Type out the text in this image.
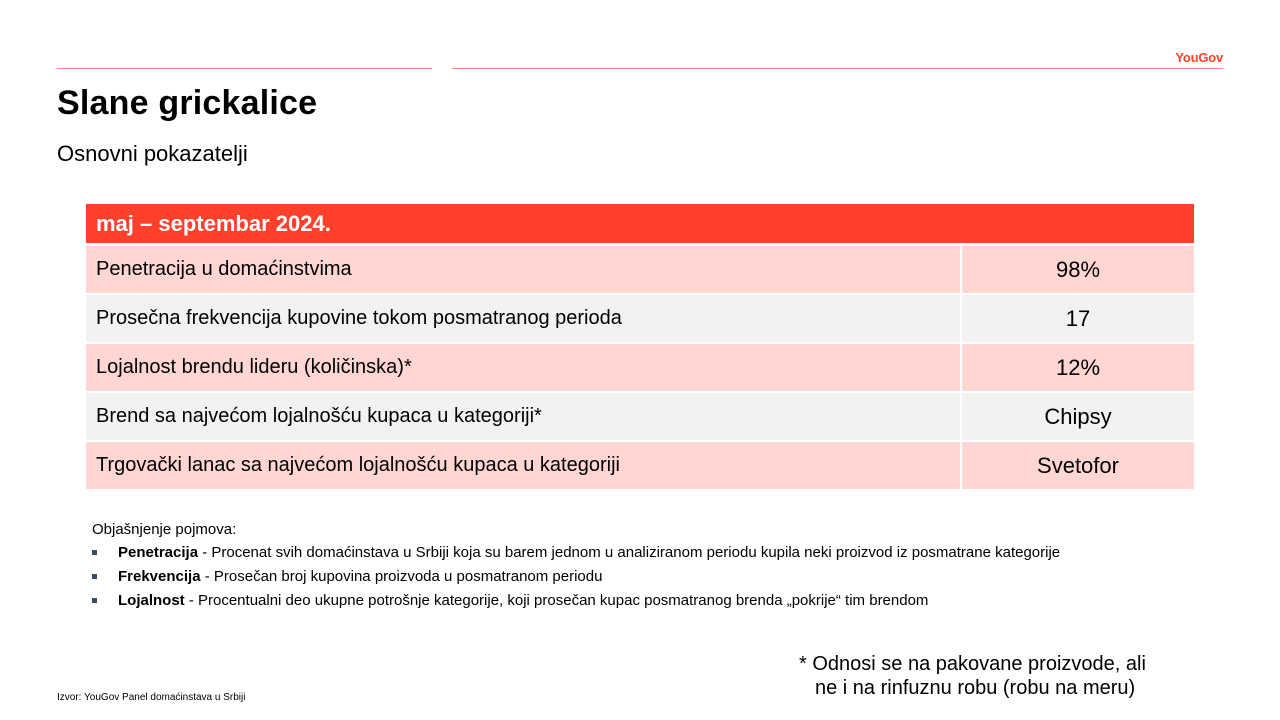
YouGov
Slane grickalice
Osnovni pokazatelji
maj – septembar 2024.	
Penetracija u domaćinstvima	98%
Prosečna frekvencija kupovine tokom posmatranog perioda	17
Lojalnost brendu lideru (količinska)*	12%
Brend sa najvećom lojalnošću kupaca u kategoriji*	Chipsy
Trgovački lanac sa najvećom lojalnošću kupaca u kategoriji	Svetofor
Objašnjenje pojmova:
Penetracija - Procenat svih domaćinstava u Srbiji koja su barem jednom u analiziranom periodu kupila neki proizvod iz posmatrane kategorije
Frekvencija - Prosečan broj kupovina proizvoda u posmatranom periodu
Lojalnost - Procentualni deo ukupne potrošnje kategorije, koji prosečan kupac posmatranog brenda „pokrije“ tim brendom
* Odnosi se na pakovane proizvode, ali
ne i na rinfuznu robu (robu na meru)
Izvor: YouGov Panel domaćinstava u Srbiji
